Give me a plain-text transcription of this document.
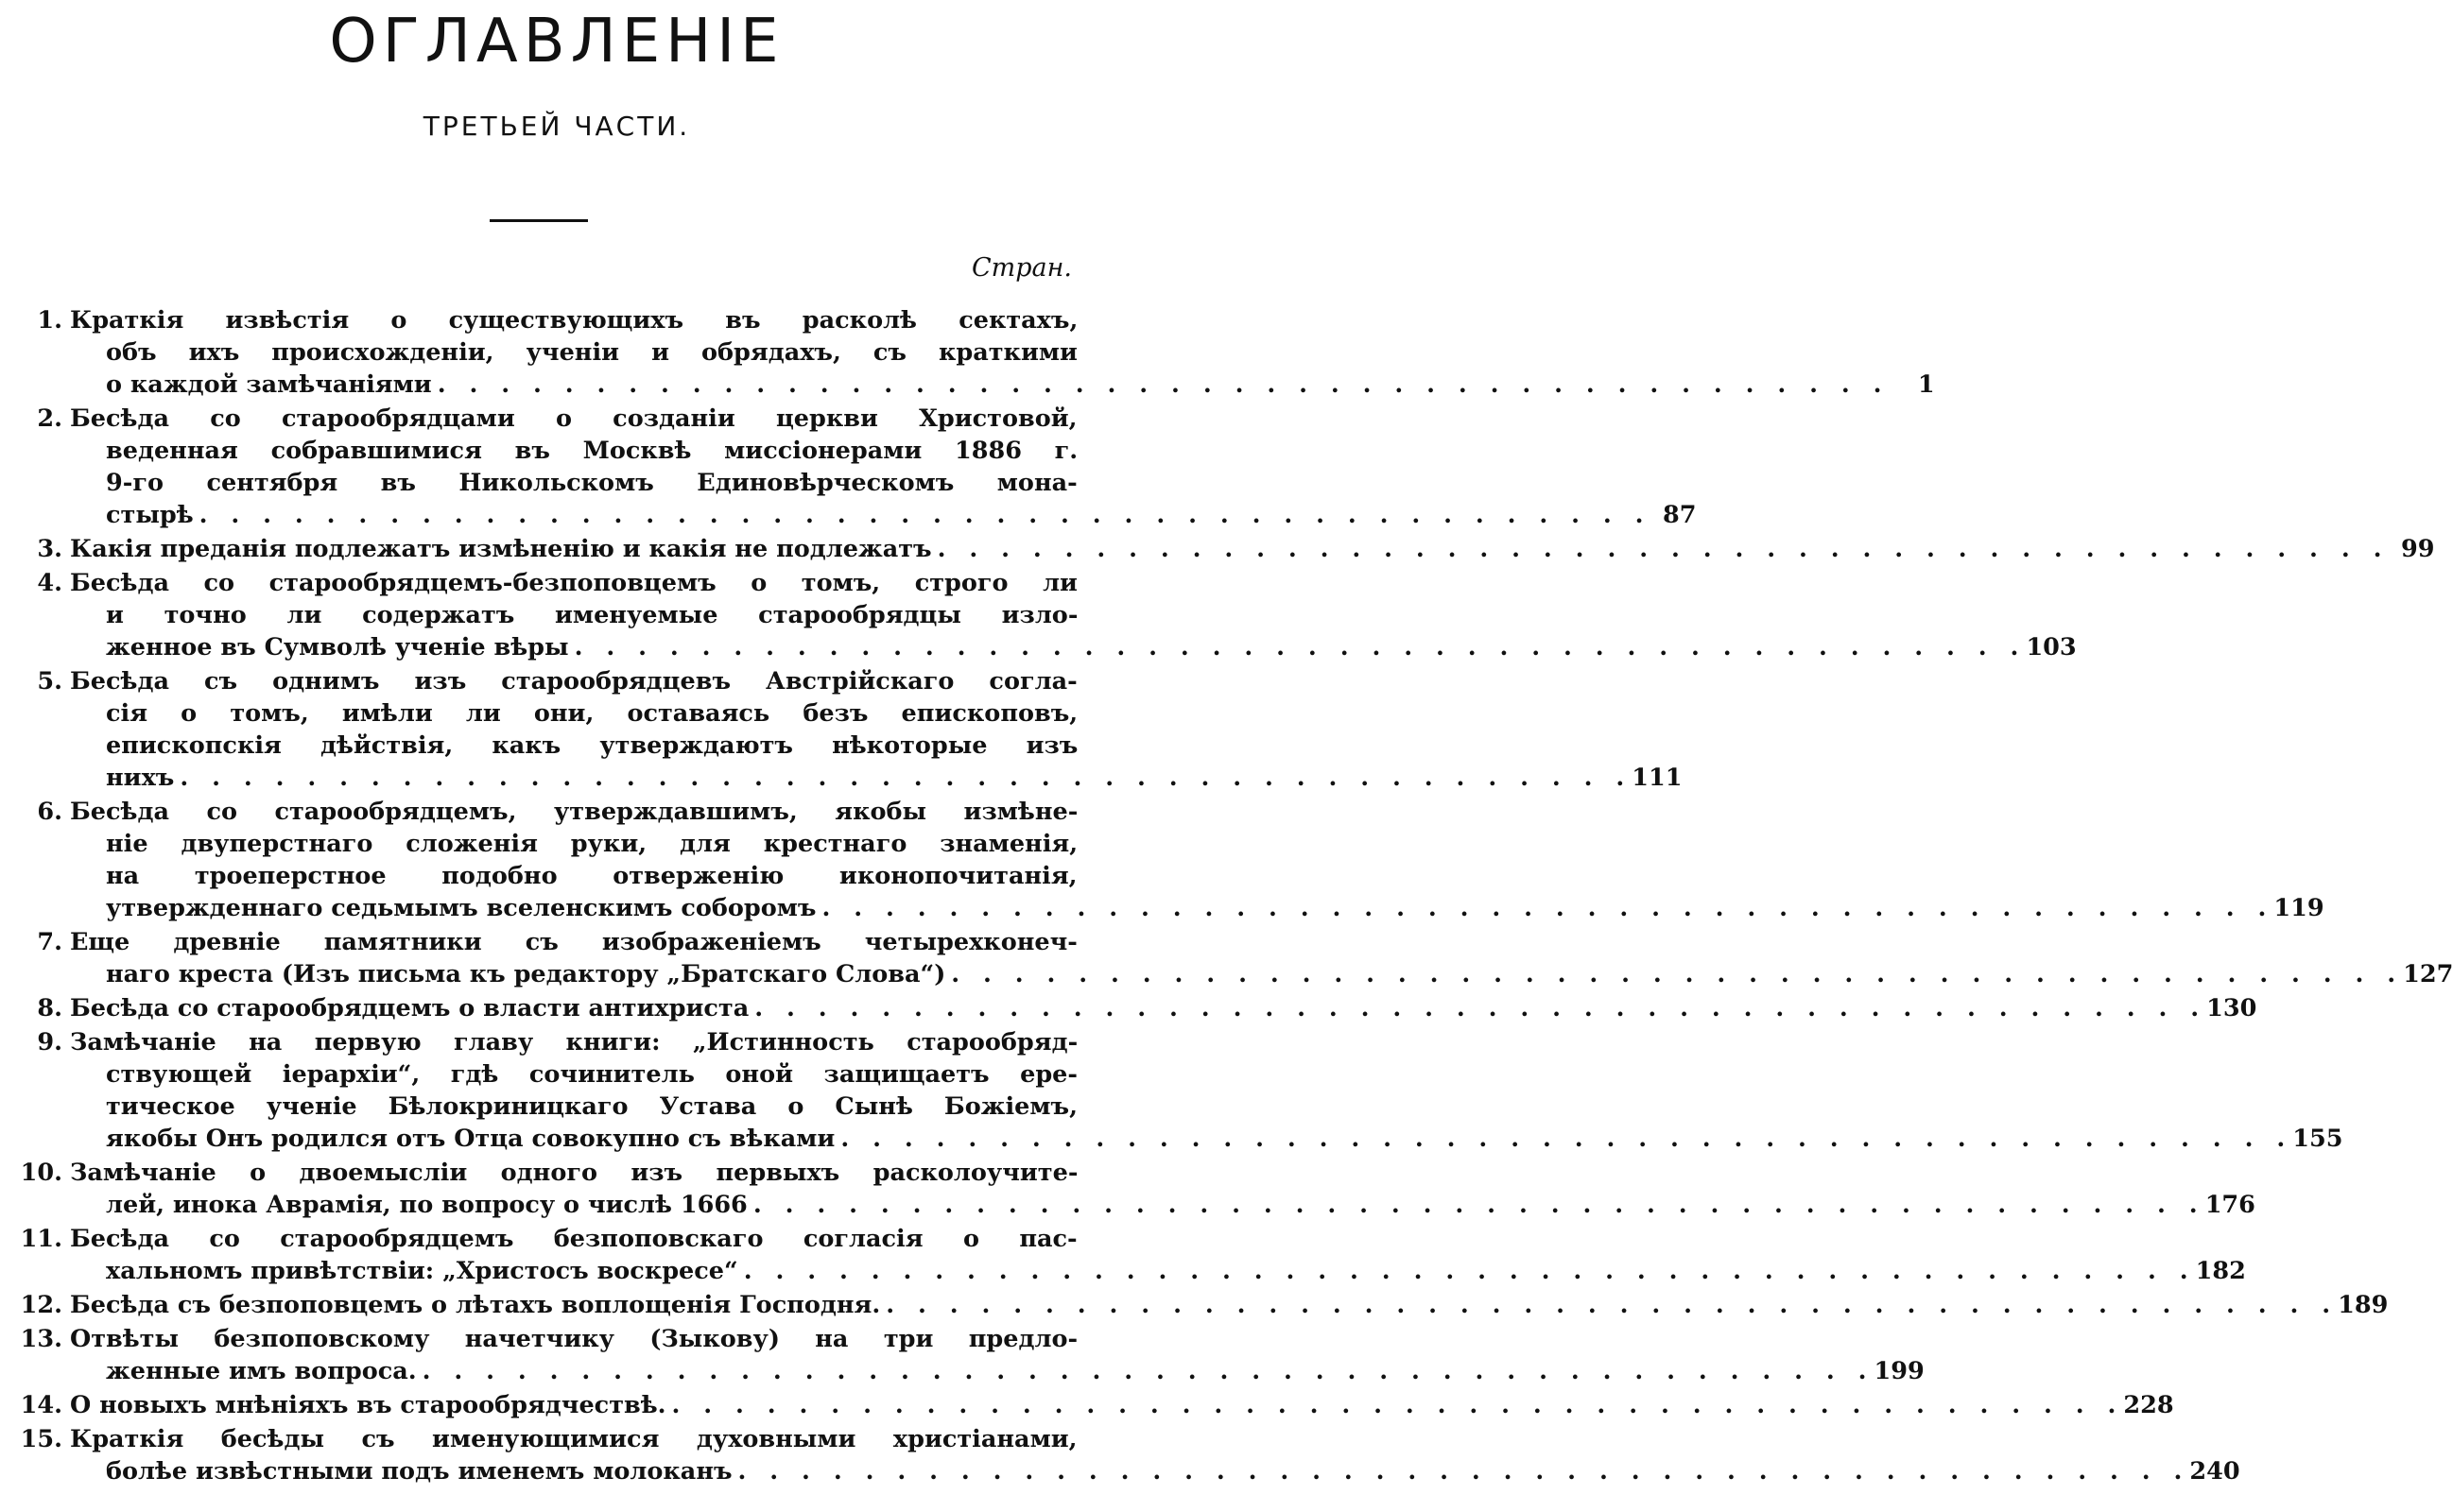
ОГЛАВЛЕНІЕ
ТРЕТЬЕЙ ЧАСТИ.
Стран.
1. Краткія извѣстія о существующихъ въ расколѣ сектахъ,
объ ихъ происхожденіи, ученіи и обрядахъ, съ краткими
о каждой замѣчаніями . . . . . . . . . . . . . . . . . . . . . . . . . . . . . . . . . . . . . . . . . . . . . .	1
2. Бесѣда со старообрядцами о созданіи церкви Христовой,
веденная собравшимися въ Москвѣ миссіонерами 1886 г.
9-го сентября въ Никольскомъ Единовѣрческомъ мона-
стырѣ . . . . . . . . . . . . . . . . . . . . . . . . . . . . . . . . . . . . . . . . . . . . . . 87
3. Какія преданія подлежатъ измѣненію и какія не подлежатъ . . . . . . . . . . . . . . . . . . . . . . . . . . . . . . . . . . . . . . . . . . . . . . 99
4. Бесѣда со старообрядцемъ-безпоповцемъ о томъ, строго ли
и точно ли содержатъ именуемые старообрядцы изло-
женное въ Сумволѣ ученіе вѣры . . . . . . . . . . . . . . . . . . . . . . . . . . . . . . . . . . . . . . . . . . . . . . 103
5. Бесѣда съ однимъ изъ старообрядцевъ Австрійскаго согла-
сія о томъ, имѣли ли они, оставаясь безъ епископовъ,
епископскія дѣйствія, какъ утверждаютъ нѣкоторые изъ
нихъ . . . . . . . . . . . . . . . . . . . . . . . . . . . . . . . . . . . . . . . . . . . . . . 111
6. Бесѣда со старообрядцемъ, утверждавшимъ, якобы измѣне-
ніе двуперстнаго сложенія руки, для крестнаго знаменія,
на троеперстное подобно отверженію иконопочитанія,
утвержденнаго седьмымъ вселенскимъ соборомъ . . . . . . . . . . . . . . . . . . . . . . . . . . . . . . . . . . . . . . . . . . . . . . 119
7. Еще древніе памятники съ изображеніемъ четырехконеч-
наго креста (Изъ письма къ редактору „Братскаго Слова“) . . . . . . . . . . . . . . . . . . . . . . . . . . . . . . . . . . . . . . . . . . . . . . 127
8. Бесѣда со старообрядцемъ о власти антихриста . . . . . . . . . . . . . . . . . . . . . . . . . . . . . . . . . . . . . . . . . . . . . . 130
9. Замѣчаніе на первую главу книги: „Истинность старообряд-
ствующей іерархіи“, гдѣ сочинитель оной защищаетъ ере-
тическое ученіе Бѣлокриницкаго Устава о Сынѣ Божіемъ,
якобы Онъ родился отъ Отца совокупно съ вѣками . . . . . . . . . . . . . . . . . . . . . . . . . . . . . . . . . . . . . . . . . . . . . . 155
10. Замѣчаніе о двоемысліи одного изъ первыхъ расколоучите-
лей, инока Аврамія, по вопросу о числѣ 1666 . . . . . . . . . . . . . . . . . . . . . . . . . . . . . . . . . . . . . . . . . . . . . . 176
11. Бесѣда со старообрядцемъ безпоповскаго согласія о пас-
хальномъ привѣтствіи: „Христосъ воскресе“ . . . . . . . . . . . . . . . . . . . . . . . . . . . . . . . . . . . . . . . . . . . . . . 182
12. Бесѣда съ безпоповцемъ о лѣтахъ воплощенія Господня. . . . . . . . . . . . . . . . . . . . . . . . . . . . . . . . . . . . . . . . . . . . . . . 189
13. Отвѣты безпоповскому начетчику (Зыкову) на три предло-
женные имъ вопроса. . . . . . . . . . . . . . . . . . . . . . . . . . . . . . . . . . . . . . . . . . . . . . . 199
14. О новыхъ мнѣніяхъ въ старообрядчествѣ. . . . . . . . . . . . . . . . . . . . . . . . . . . . . . . . . . . . . . . . . . . . . . . 228
15. Краткія бесѣды съ именующимися духовными христіанами,
болѣе извѣстными подъ именемъ молоканъ . . . . . . . . . . . . . . . . . . . . . . . . . . . . . . . . . . . . . . . . . . . . . . 240
